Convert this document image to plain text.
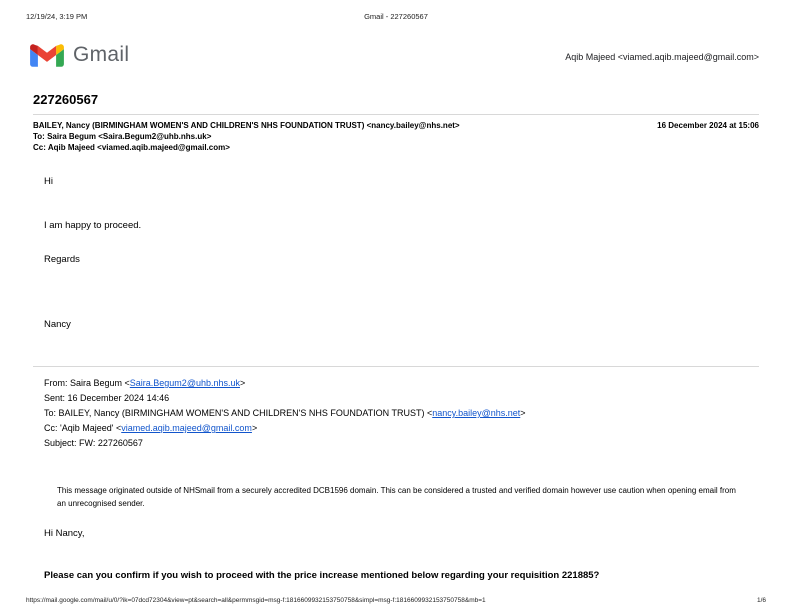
12/19/24, 3:19 PM	Gmail - 227260567
Gmail	Aqib Majeed <viamed.aqib.majeed@gmail.com>
227260567
BAILEY, Nancy (BIRMINGHAM WOMEN'S AND CHILDREN'S NHS FOUNDATION TRUST) <nancy.bailey@nhs.net>
To: Saira Begum <Saira.Begum2@uhb.nhs.uk>
Cc: Aqib Majeed <viamed.aqib.majeed@gmail.com>
16 December 2024 at 15:06
Hi
I am happy to proceed.
Regards
Nancy
From: Saira Begum <Saira.Begum2@uhb.nhs.uk>
Sent: 16 December 2024 14:46
To: BAILEY, Nancy (BIRMINGHAM WOMEN'S AND CHILDREN'S NHS FOUNDATION TRUST) <nancy.bailey@nhs.net>
Cc: 'Aqib Majeed' <viamed.aqib.majeed@gmail.com>
Subject: FW: 227260567
This message originated outside of NHSmail from a securely accredited DCB1596 domain. This can be considered a trusted and verified domain however use caution when opening email from an unrecognised sender.
Hi Nancy,
Please can you confirm if you wish to proceed with the price increase mentioned below regarding your requisition 221885?
https://mail.google.com/mail/u/0/?ik=07dcd72304&view=pt&search=all&permmsgid=msg-f:1816609932153750758&simpl=msg-f:1816609932153750758&mb=1	1/6
